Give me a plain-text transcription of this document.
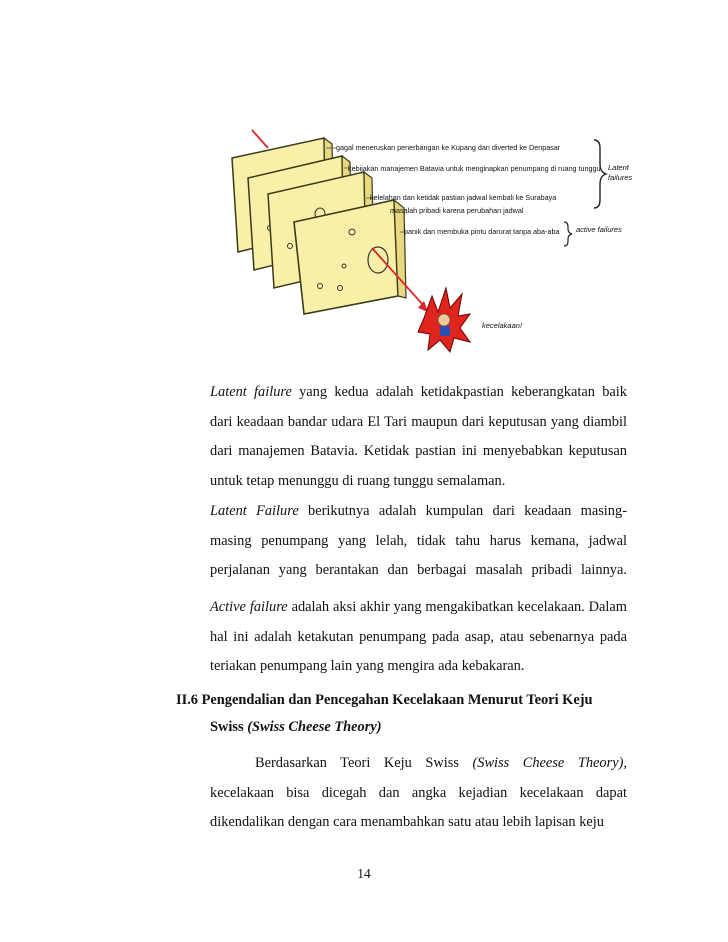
gagal meneruskan penerbangan ke Kupang dan diverted ke Denpasar
kebijakan manajemen Batavia untuk menginapkan penumpang di ruang tunggu
kelelahan dan ketidak pastian jadwal kembali ke Surabaya
masalah pribadi karena perubahan jadwal
panik dan membuka pintu darurat tanpa aba-aba
Latent
failures
active failures
kecelakaan!

Latent failure yang kedua adalah ketidakpastian keberangkatan baik dari keadaan bandar udara El Tari maupun dari keputusan yang diambil dari manajemen Batavia. Ketidak pastian ini menyebabkan keputusan untuk tetap menunggu di ruang tunggu semalaman.

Latent Failure berikutnya adalah kumpulan dari keadaan masing-masing penumpang yang lelah, tidak tahu harus kemana, jadwal perjalanan yang berantakan dan berbagai masalah pribadi lainnya.

Active failure adalah aksi akhir yang mengakibatkan kecelakaan. Dalam hal ini adalah ketakutan penumpang pada asap, atau sebenarnya pada teriakan penumpang lain yang mengira ada kebakaran.

II.6 Pengendalian dan Pencegahan Kecelakaan Menurut Teori Keju
Swiss (Swiss Cheese Theory)

Berdasarkan Teori Keju Swiss (Swiss Cheese Theory),

kecelakaan bisa dicegah dan angka kejadian kecelakaan dapat dikendalikan dengan cara menambahkan satu atau lebih lapisan keju

14
